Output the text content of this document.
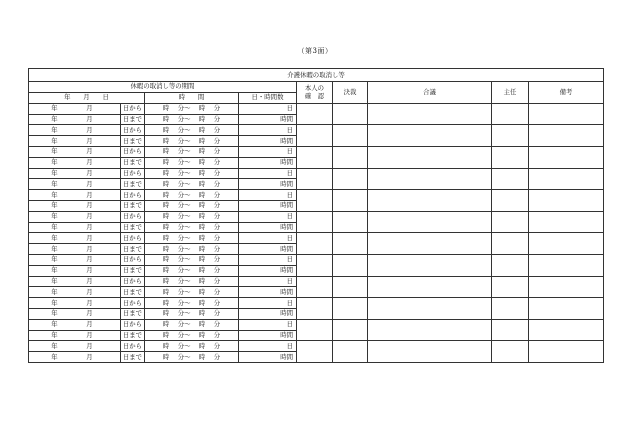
（第3面）
介護休暇の取消し等								
休暇の取消し等の期間				本人の
確　認	決裁	合議	主任	備考
年　　月　　日		時　　間	日・時間数					
年 月	日から	時　 分～　 時　 分	日					
年 月	日まで	時　 分～　 時　 分	時間					
年 月	日から	時　 分～　 時　 分	日					
年 月	日まで	時　 分～　 時　 分	時間					
年 月	日から	時　 分～　 時　 分	日					
年 月	日まで	時　 分～　 時　 分	時間					
年 月	日から	時　 分～　 時　 分	日					
年 月	日まで	時　 分～　 時　 分	時間					
年 月	日から	時　 分～　 時　 分	日					
年 月	日まで	時　 分～　 時　 分	時間					
年 月	日から	時　 分～　 時　 分	日					
年 月	日まで	時　 分～　 時　 分	時間					
年 月	日から	時　 分～　 時　 分	日					
年 月	日まで	時　 分～　 時　 分	時間					
年 月	日から	時　 分～　 時　 分	日					
年 月	日まで	時　 分～　 時　 分	時間					
年 月	日から	時　 分～　 時　 分	日					
年 月	日まで	時　 分～　 時　 分	時間					
年 月	日から	時　 分～　 時　 分	日					
年 月	日まで	時　 分～　 時　 分	時間					
年 月	日から	時　 分～　 時　 分	日					
年 月	日まで	時　 分～　 時　 分	時間					
年 月	日から	時　 分～　 時　 分	日					
年 月	日まで	時　 分～　 時　 分	時間					
